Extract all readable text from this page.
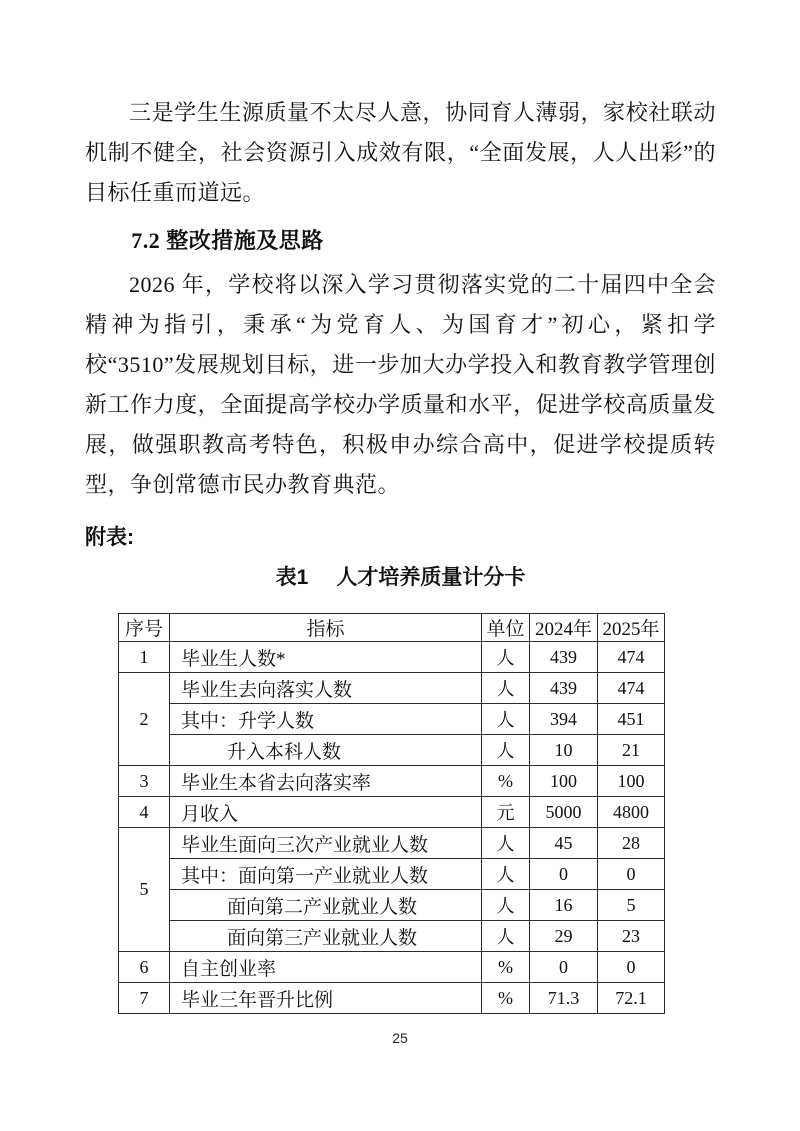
三是学生生源质量不太尽人意，协同育人薄弱，家校社联动机制不健全，社会资源引入成效有限，“全面发展，人人出彩”的目标任重而道远。

7.2 整改措施及思路

2026 年，学校将以深入学习贯彻落实党的二十届四中全会精神为指引，秉承“为党育人、为国育才”初心，紧扣学校“3510”发展规划目标，进一步加大办学投入和教育教学管理创新工作力度，全面提高学校办学质量和水平，促进学校高质量发展，做强职教高考特色，积极申办综合高中，促进学校提质转型，争创常德市民办教育典范。

附表:
表1 人才培养质量计分卡
序号	指标	单位	2024年	2025年
1	毕业生人数*	人	439	474
2	毕业生去向落实人数	人	439	474
	其中：升学人数	人	394	451
	升入本科人数	人	10	21
3	毕业生本省去向落实率	%	100	100
4	月收入	元	5000	4800
5	毕业生面向三次产业就业人数	人	45	28
	其中：面向第一产业就业人数	人	0	0
	面向第二产业就业人数	人	16	5
	面向第三产业就业人数	人	29	23
6	自主创业率	%	0	0
7	毕业三年晋升比例	%	71.3	72.1
25
